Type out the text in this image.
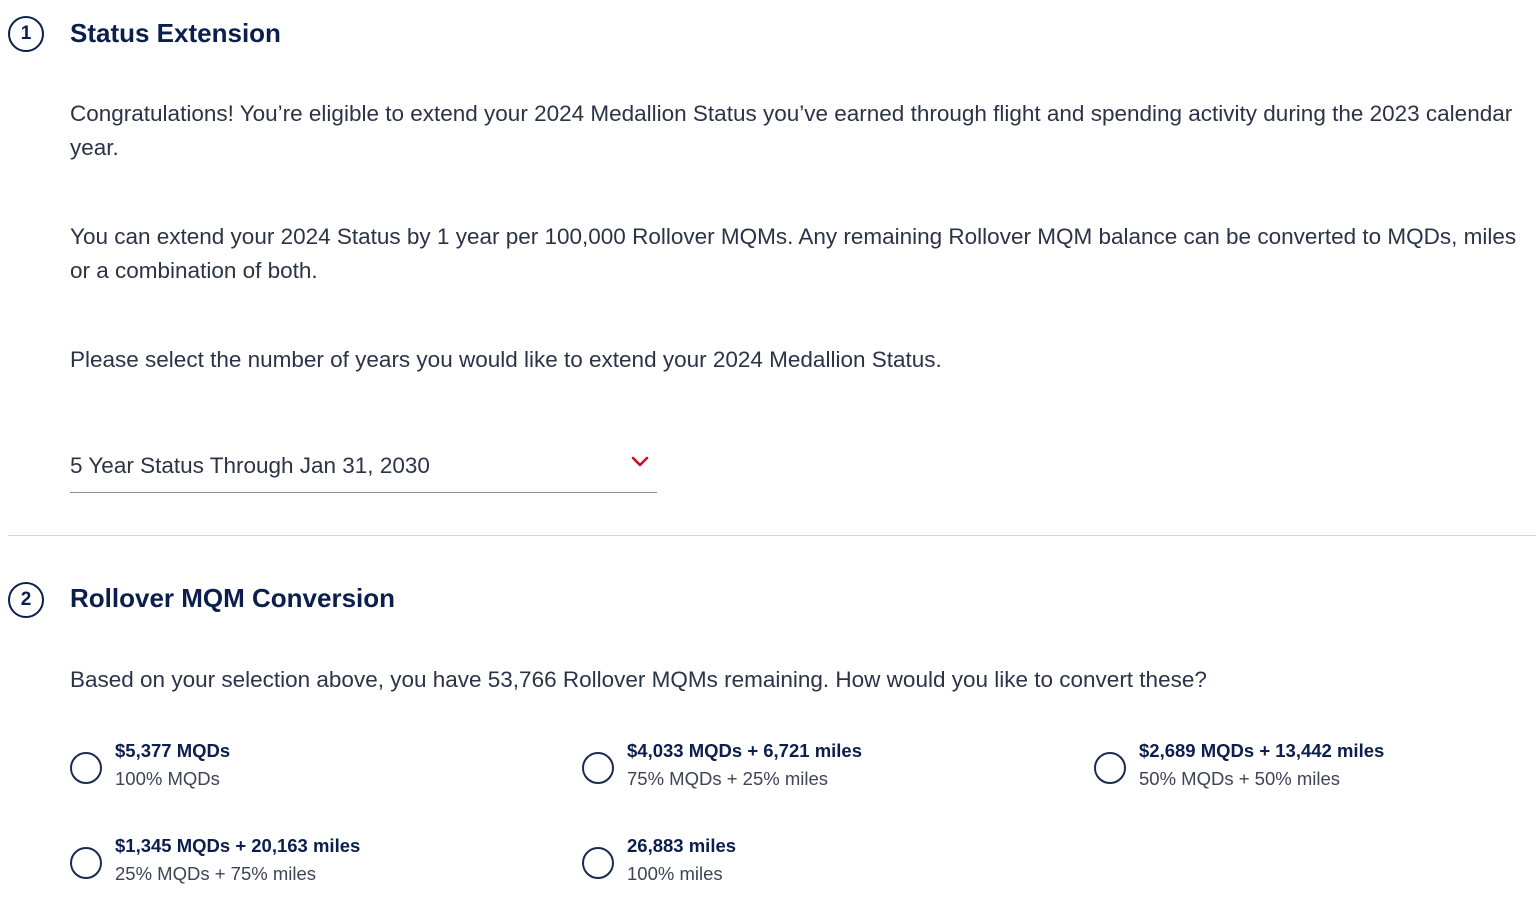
1	Status Extension

Congratulations! You’re eligible to extend your 2024 Medallion Status you’ve earned through flight and spending activity during the 2023 calendar year.

You can extend your 2024 Status by 1 year per 100,000 Rollover MQMs. Any remaining Rollover MQM balance can be converted to MQDs, miles or a combination of both.

Please select the number of years you would like to extend your 2024 Medallion Status.

5 Year Status Through Jan 31, 2030
2	Rollover MQM Conversion

Based on your selection above, you have 53,766 Rollover MQMs remaining. How would you like to convert these?

$5,377 MQDs
100% MQDs
$4,033 MQDs + 6,721 miles
75% MQDs + 25% miles
$2,689 MQDs + 13,442 miles
50% MQDs + 50% miles
$1,345 MQDs + 20,163 miles
25% MQDs + 75% miles
26,883 miles
100% miles
